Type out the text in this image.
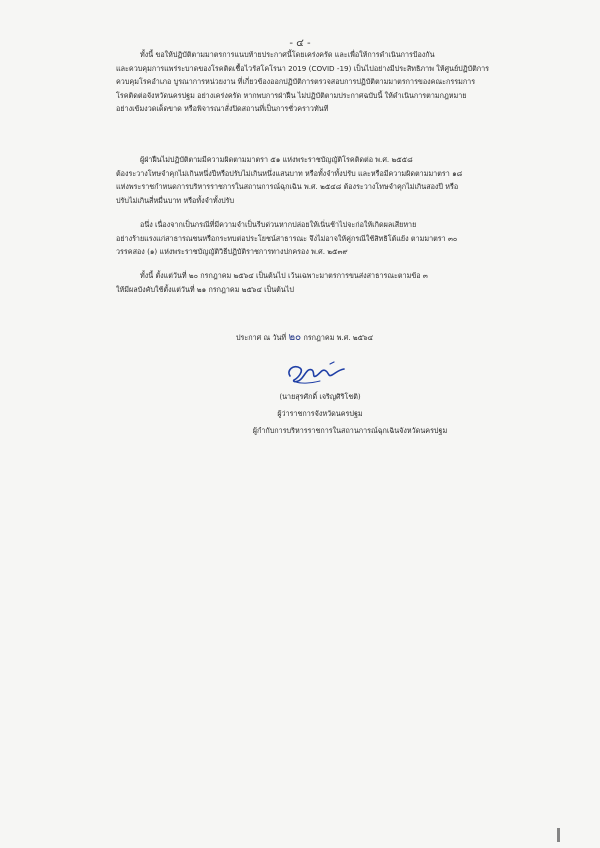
- ๔ -
ทั้งนี้ ขอให้ปฏิบัติตามมาตรการแนบท้ายประกาศนี้โดยเคร่งครัด และเพื่อให้การดำเนินการป้องกัน
และควบคุมการแพร่ระบาดของโรคติดเชื้อไวรัสโคโรนา 2019 (COVID -19) เป็นไปอย่างมีประสิทธิภาพ ให้ศูนย์ปฏิบัติการ
ควบคุมโรคอำเภอ บูรณาการหน่วยงาน ที่เกี่ยวข้องออกปฏิบัติการตรวจสอบการปฏิบัติตามมาตรการของคณะกรรมการ
โรคติดต่อจังหวัดนครปฐม อย่างเคร่งครัด หากพบการฝ่าฝืน ไม่ปฏิบัติตามประกาศฉบับนี้ ให้ดำเนินการตามกฎหมาย
อย่างเข้มงวดเด็ดขาด หรือพิจารณาสั่งปิดสถานที่เป็นการชั่วคราวทันที
ผู้ฝ่าฝืนไม่ปฏิบัติตามมีความผิดตามมาตรา ๕๑ แห่งพระราชบัญญัติโรคติดต่อ พ.ศ. ๒๕๕๘
ต้องระวางโทษจำคุกไม่เกินหนึ่งปีหรือปรับไม่เกินหนึ่งแสนบาท หรือทั้งจำทั้งปรับ และหรือมีความผิดตามมาตรา ๑๘
แห่งพระราชกำหนดการบริหารราชการในสถานการณ์ฉุกเฉิน พ.ศ. ๒๕๔๘ ต้องระวางโทษจำคุกไม่เกินสองปี หรือ
ปรับไม่เกินสี่หมื่นบาท หรือทั้งจำทั้งปรับ
อนึ่ง เนื่องจากเป็นกรณีที่มีความจำเป็นรีบด่วนหากปล่อยให้เนิ่นช้าไปจะก่อให้เกิดผลเสียหาย
อย่างร้ายแรงแก่สาธารณชนหรือกระทบต่อประโยชน์สาธารณะ จึงไม่อาจให้คู่กรณีใช้สิทธิโต้แย้ง ตามมาตรา ๓๐
วรรคสอง (๑) แห่งพระราชบัญญัติวิธีปฏิบัติราชการทางปกครอง พ.ศ. ๒๕๓๙
ทั้งนี้ ตั้งแต่วันที่ ๒๐ กรกฎาคม ๒๕๖๔ เป็นต้นไป เว้นเฉพาะมาตรการขนส่งสาธารณะตามข้อ ๓
ให้มีผลบังคับใช้ตั้งแต่วันที่ ๒๑ กรกฎาคม ๒๕๖๔ เป็นต้นไป
ประกาศ ณ วันที่ ๒๐ กรกฎาคม พ.ศ. ๒๕๖๔
(นายสุรศักดิ์ เจริญศิริโชติ)
ผู้ว่าราชการจังหวัดนครปฐม
ผู้กำกับการบริหารราชการในสถานการณ์ฉุกเฉินจังหวัดนครปฐม
